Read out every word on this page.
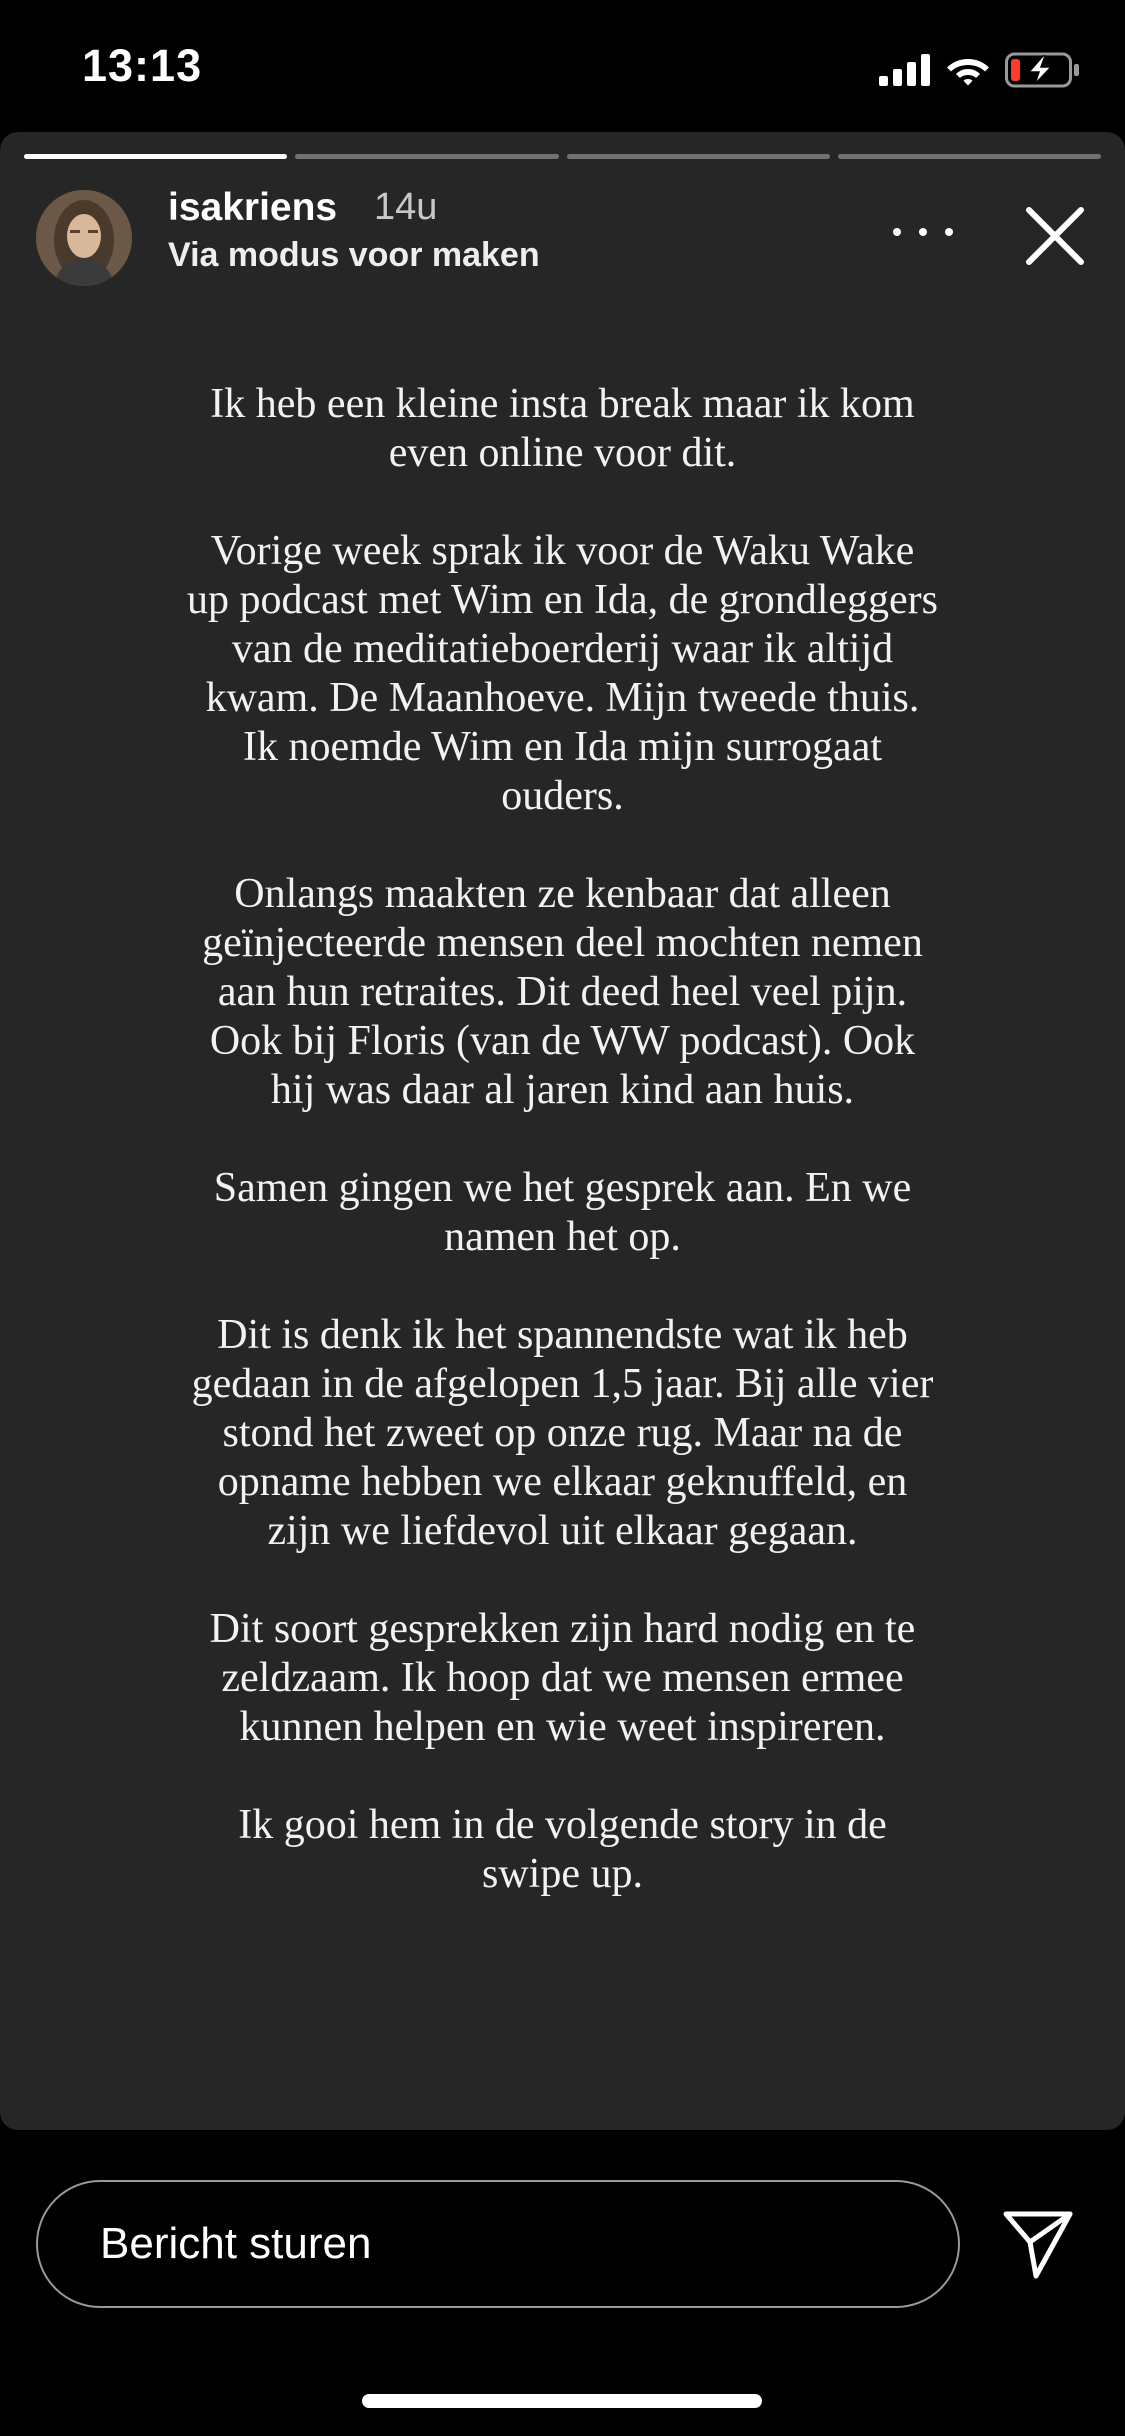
13:13
isakriens 14u
Via modus voor maken

Ik heb een kleine insta break maar ik kom even online voor dit.

Vorige week sprak ik voor de Waku Wake up podcast met Wim en Ida, de grondleggers van de meditatieboerderij waar ik altijd kwam. De Maanhoeve. Mijn tweede thuis. Ik noemde Wim en Ida mijn surrogaat ouders.

Onlangs maakten ze kenbaar dat alleen geïnjecteerde mensen deel mochten nemen aan hun retraites. Dit deed heel veel pijn. Ook bij Floris (van de WW podcast). Ook hij was daar al jaren kind aan huis.

Samen gingen we het gesprek aan. En we namen het op.

Dit is denk ik het spannendste wat ik heb gedaan in de afgelopen 1,5 jaar. Bij alle vier stond het zweet op onze rug. Maar na de opname hebben we elkaar geknuffeld, en zijn we liefdevol uit elkaar gegaan.

Dit soort gesprekken zijn hard nodig en te zeldzaam. Ik hoop dat we mensen ermee kunnen helpen en wie weet inspireren.

Ik gooi hem in de volgende story in de swipe up.

Bericht sturen
